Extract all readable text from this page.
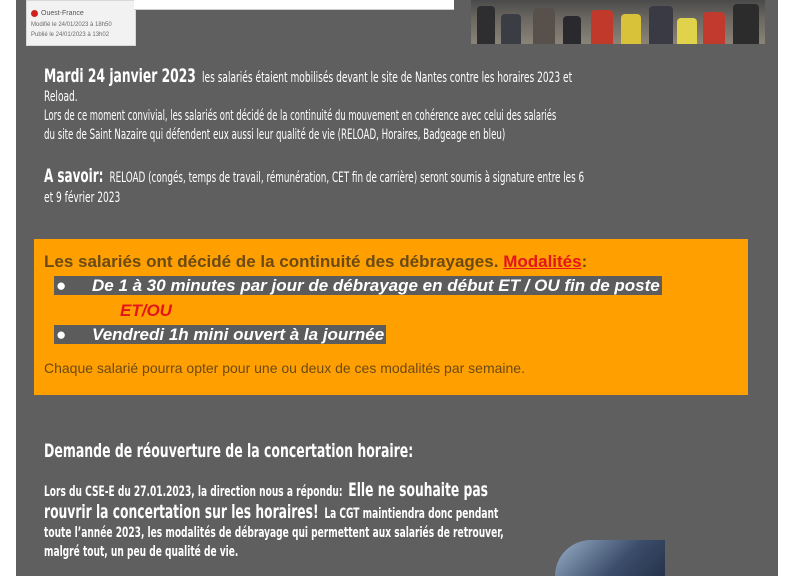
Ouest-France
Modifié le 24/01/2023 à 18h50
Publié le 24/01/2023 à 13h02
Mardi 24 janvier 2023 les salariés étaient mobilisés devant le site de Nantes contre les horaires 2023 et
Reload.
Lors de ce moment convivial, les salariés ont décidé de la continuité du mouvement en cohérence avec celui des salariés
du site de Saint Nazaire qui défendent eux aussi leur qualité de vie (RELOAD, Horaires, Badgeage en bleu)
A savoir: RELOAD (congés, temps de travail, rémunération, CET fin de carrière) seront soumis à signature entre les 6
et 9 février 2023
Les salariés ont décidé de la continuité des débrayages. Modalités:
● De 1 à 30 minutes par jour de débrayage en début ET / OU fin de poste
ET/OU
● Vendredi 1h mini ouvert à la journée
Chaque salarié pourra opter pour une ou deux de ces modalités par semaine.
Demande de réouverture de la concertation horaire:
Lors du CSE-E du 27.01.2023, la direction nous a répondu: Elle ne souhaite pas
rouvrir la concertation sur les horaires! La CGT maintiendra donc pendant
toute l’année 2023, les modalités de débrayage qui permettent aux salariés de retrouver,
malgré tout, un peu de qualité de vie.
